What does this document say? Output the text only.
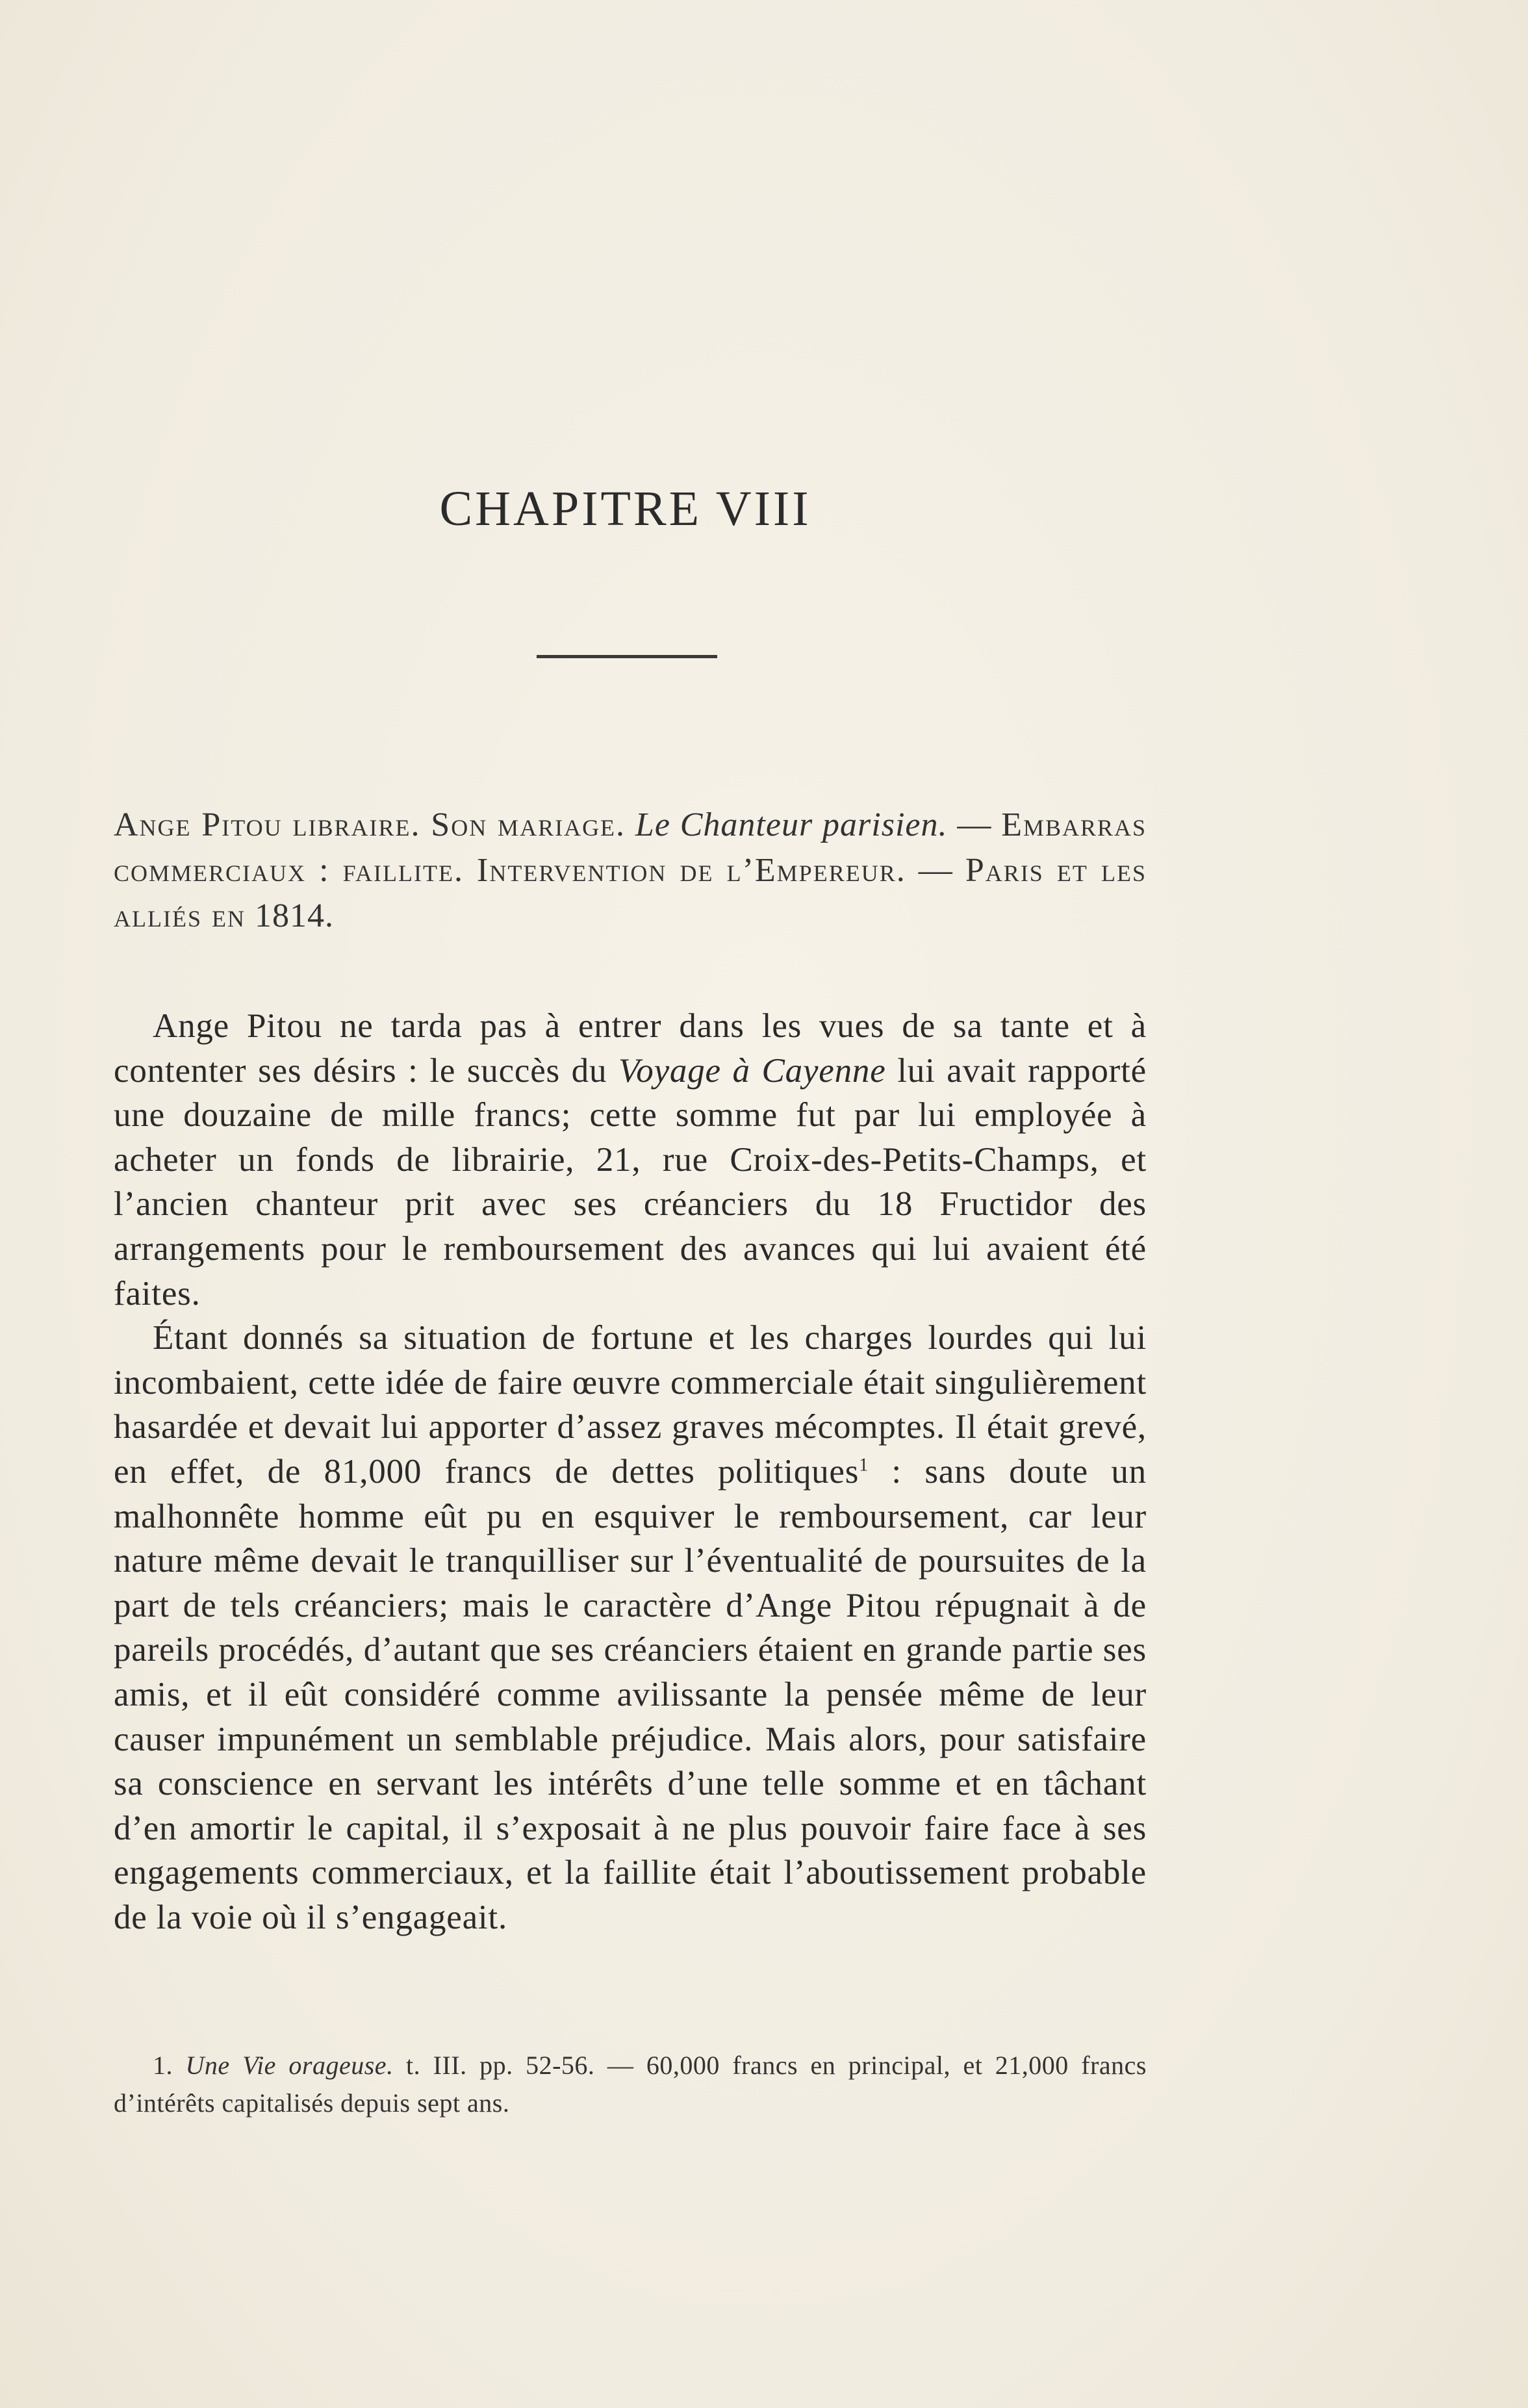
CHAPITRE VIII

Ange Pitou libraire. Son mariage. Le Chanteur parisien. — Embarras commerciaux : faillite. Intervention de l’Empereur. — Paris et les alliés en 1814.

Ange Pitou ne tarda pas à entrer dans les vues de sa tante et à contenter ses désirs : le succès du Voyage à Cayenne lui avait rapporté une douzaine de mille francs; cette somme fut par lui employée à acheter un fonds de librairie, 21, rue Croix-des-Petits-Champs, et l’ancien chanteur prit avec ses créanciers du 18 Fructidor des arrangements pour le remboursement des avances qui lui avaient été faites.

Étant donnés sa situation de fortune et les charges lourdes qui lui incombaient, cette idée de faire œuvre commerciale était singulièrement hasardée et devait lui apporter d’assez graves mécomptes. Il était grevé, en effet, de 81,000 francs de dettes politiques$^1$ : sans doute un malhonnête homme eût pu en esquiver le remboursement, car leur nature même devait le tranquilliser sur l’éventualité de poursuites de la part de tels créanciers; mais le caractère d’Ange Pitou répugnait à de pareils procédés, d’autant que ses créanciers étaient en grande partie ses amis, et il eût considéré comme avilissante la pensée même de leur causer impunément un semblable préjudice. Mais alors, pour satisfaire sa conscience en servant les intérêts d’une telle somme et en tâchant d’en amortir le capital, il s’exposait à ne plus pouvoir faire face à ses engagements commerciaux, et la faillite était l’aboutissement probable de la voie où il s’engageait.

1. Une Vie orageuse. t. III. pp. 52-56. — 60,000 francs en principal, et 21,000 francs d’intérêts capitalisés depuis sept ans.
